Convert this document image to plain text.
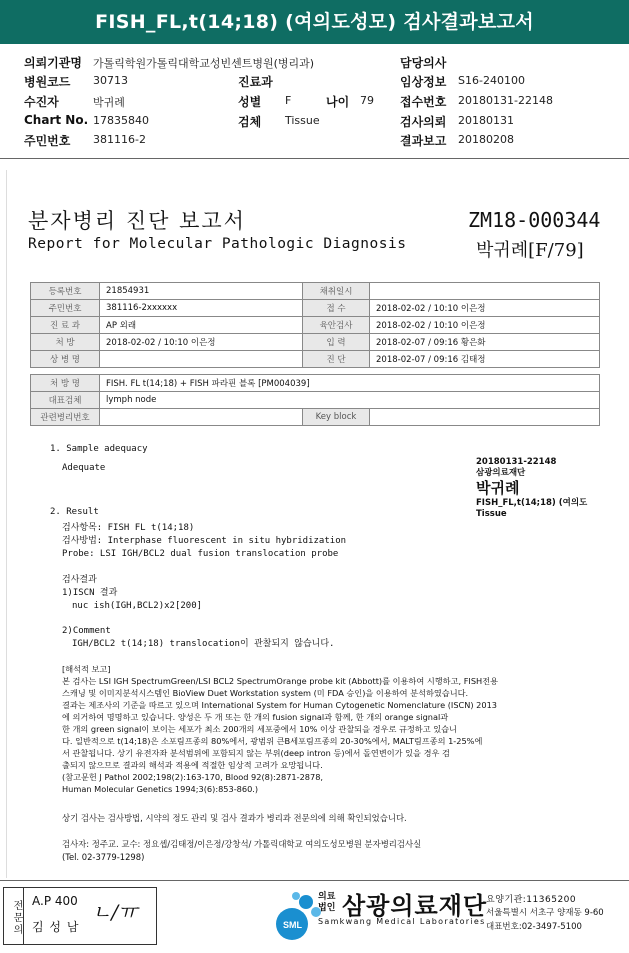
FISH_FL,t(14;18) (여의도성모) 검사결과보고서
의뢰기관명 가톨릭학원가톨릭대학교성빈센트병원(병리과)
병원코드 30713
수진자	박귀례
Chart No. 17835840
주민번호 381116-2
진료과
성별 F	나이 79
검체 Tissue
담당의사
임상정보 S16-240100
접수번호 20180131-22148
검사의뢰 20180131
결과보고 20180208
분자병리 진단 보고서
Report for Molecular Pathologic Diagnosis
ZM18-000344
박귀례[F/79]
등록번호	21854931	채취일시	
주민번호	381116-2xxxxxx	접 수	2018-02-02 / 10:10 이은정
진 료 과	AP 외래	육안검사	2018-02-02 / 10:10 이은정
처 방	2018-02-02 / 10:10 이은정	입 력	2018-02-07 / 09:16 황은화
상 병 명		진 단	2018-02-07 / 09:16 김태정

처 방 명	FISH. FL t(14;18) + FISH 파라핀 블록 [PM004039]		
대표검체	lymph node		
관련병리번호		Key block	
1. Sample adequacy
Adequate
20180131-22148
삼광의료재단
박귀례
FISH_FL,t(14;18) (여의도
Tissue
2. Result
검사항목: FISH FL t(14;18)
검사방법: Interphase fluorescent in situ hybridization
Probe: LSI IGH/BCL2 dual fusion translocation probe
검사결과
1)ISCN 결과
nuc ish(IGH,BCL2)x2[200]
2)Comment
IGH/BCL2 t(14;18) translocation이 관찰되지 않습니다.
[해석적 보고]
본 검사는 LSI IGH SpectrumGreen/LSI BCL2 SpectrumOrange probe kit (Abbott)를 이용하여 시행하고, FISH전용
스캐닝 및 이미지분석시스템인 BioView Duet Workstation system (미 FDA 승인)을 이용하여 분석하였습니다.
결과는 제조사의 기준을 따르고 있으며 International System for Human Cytogenetic Nomenclature (ISCN) 2013
에 의거하여 명명하고 있습니다. 양성은 두 개 또는 한 개의 fusion signal과 함께, 한 개의 orange signal과
한 개의 green signal이 보이는 세포가 최소 200개의 세포중에서 10% 이상 관찰되을 경우로 규정하고 있습니
다. 일반적으로 t(14;18)은 소포림프종의 80%에서, 광범위 큰B세포림프종의 20-30%에서, MALT림프종의 1-25%에
서 관찰됩니다. 상기 유전자좌 분석범위에 포함되지 않는 부위(deep intron 등)에서 돌연변이가 있을 경우 검
출되지 않으므로 결과의 해석과 적용에 적절한 임상적 고려가 요망됩니다.
(참고문헌 J Pathol 2002;198(2):163-170, Blood 92(8):2871-2878,
Human Molecular Genetics 1994;3(6):853-860.)
상기 검사는 검사방법, 시약의 정도 관리 및 검사 결과가 병리과 전문의에 의해 확인되었습니다.
검사자: 정주교. 교수: 정요셉/김태정/이은정/강창석/ 가톨릭대학교 여의도성모병원 분자병리검사실
(Tel. 02-3779-1298)
전문의 A.P 400
김 성 남
ㄴ/ㅠ
SML
의료
법인 삼광의료재단
Samkwang Medical Laboratories
요양기관:11365200
서울특별시 서초구 양재동 9-60
대표번호:02-3497-5100
